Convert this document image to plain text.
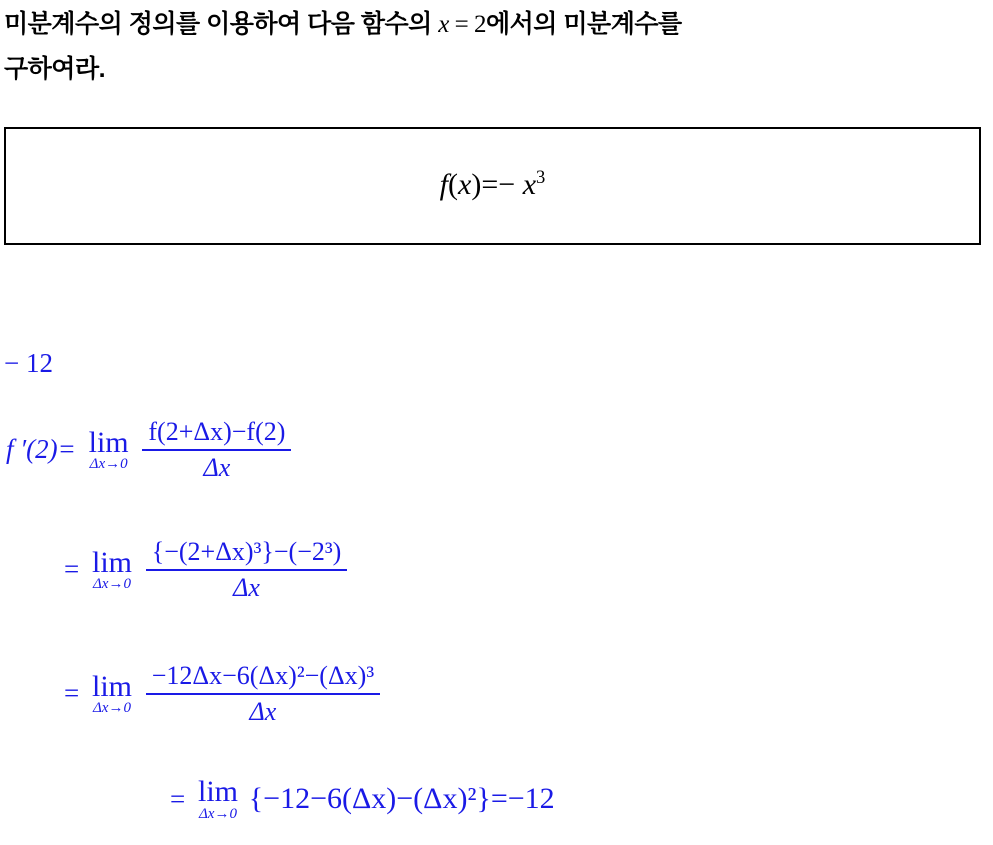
미분계수의 정의를 이용하여 다음 함수의 x = 2에서의 미분계수를
구하여라.
$f(x)=- x^3$
− 12
f ′(2)= lim
Δx→0
$\frac{f(2+\Delta x)-f(2)}{\Delta x}$
= lim
Δx→0
$\frac{\text{\{−(2+Δx)³\}−(−2³)}}{\Delta x}$
= lim
Δx→0
$\frac{\text{−12Δx−6(Δx)²−(Δx)³}}{\Delta x}$
= lim
Δx→0 {−12−6(Δx)−(Δx)²}=−12
